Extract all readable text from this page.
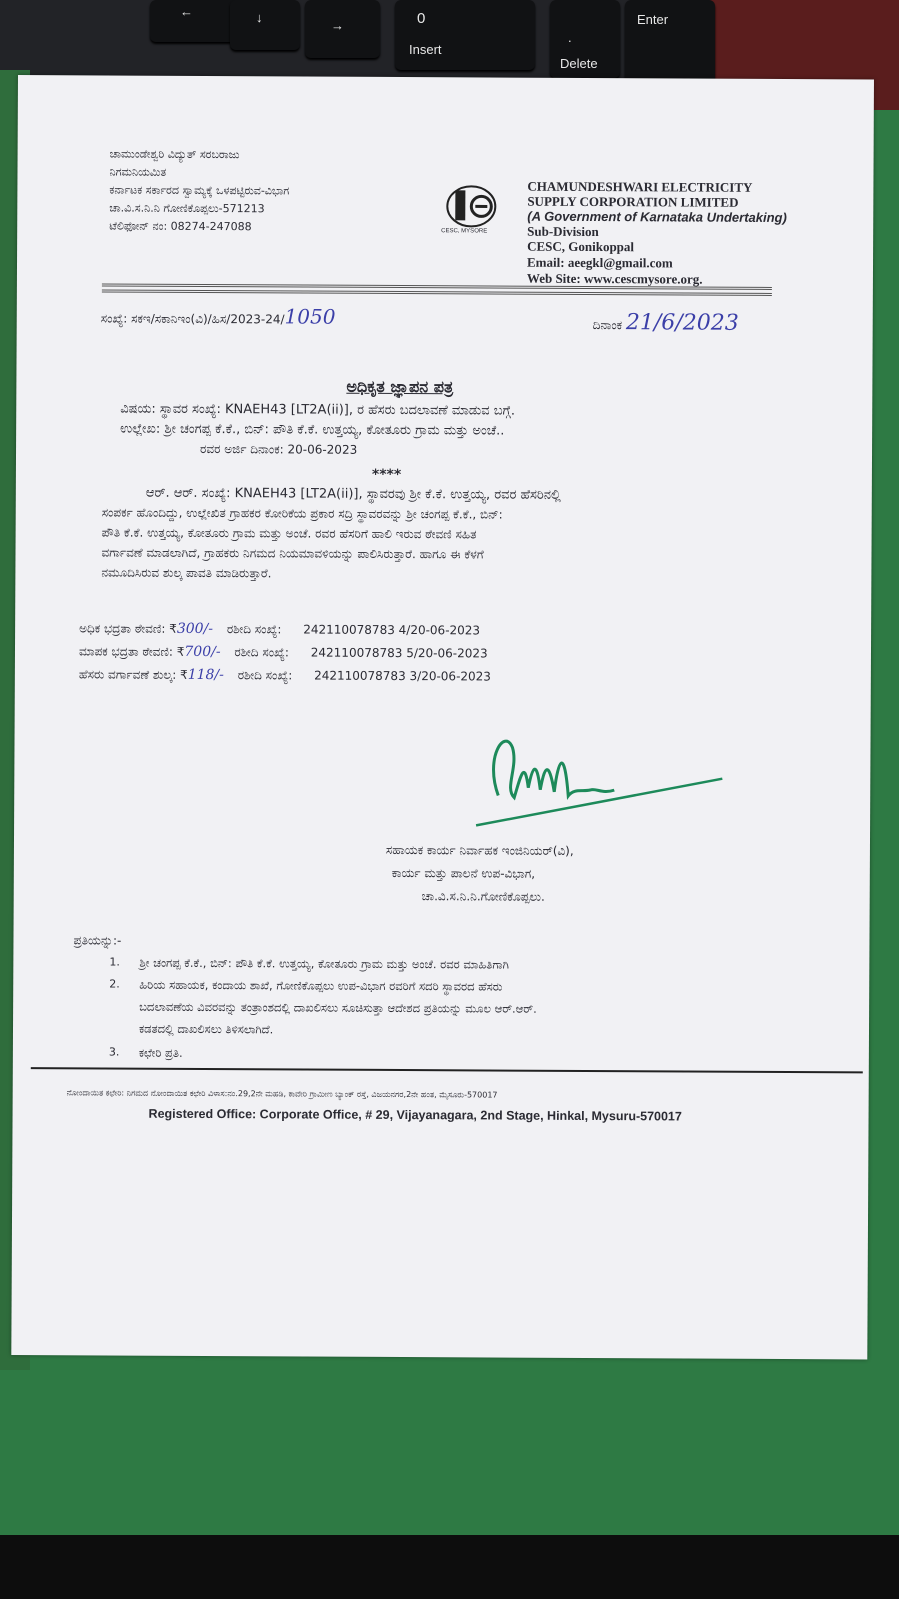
←	↓
→	0
Insert
.
Delete
Enter
ಚಾಮುಂಡೇಶ್ವರಿ ವಿದ್ಯುತ್ ಸರಬರಾಜು
ನಿಗಮನಿಯಮಿತ
ಕರ್ನಾಟಕ ಸರ್ಕಾರದ ಸ್ವಾಮ್ಯಕ್ಕೆ ಒಳಪಟ್ಟಿರುವ-ವಿಭಾಗ
ಚಾ.ವಿ.ಸ.ನಿ.ನಿ ಗೋಣಿಕೊಪ್ಪಲು-571213
ಟೆಲಿಫೋನ್ ನಂ: 08274-247088	CESC, MYSORE
CHAMUNDESHWARI ELECTRICITY
SUPPLY CORPORATION LIMITED
(A Government of Karnataka Undertaking)
Sub-Division
CESC, Gonikoppal
Email: aeegkl@gmail.com
Web Site: www.cescmysore.org.
ಸಂಖ್ಯೆ: ಸಕಇ/ಸಕಾನಿಇಂ(ವಿ)/ಹಿಸ/2023-24/1050	ದಿನಾಂಕ 21/6/2023
ಅಧಿಕೃತ ಜ್ಞಾಪನ ಪತ್ರ
ವಿಷಯ: ಸ್ಥಾವರ ಸಂಖ್ಯೆ: KNAEH43 [LT2A(ii)], ರ ಹೆಸರು ಬದಲಾವಣೆ ಮಾಡುವ ಬಗ್ಗೆ.
ಉಲ್ಲೇಖ: ಶ್ರೀ ಚಂಗಪ್ಪ ಕೆ.ಕೆ., ಬಿನ್: ಪೌತಿ ಕೆ.ಕೆ. ಉತ್ತಯ್ಯ, ಕೋತೂರು ಗ್ರಾಮ ಮತ್ತು ಅಂಚೆ..
ರವರ ಅರ್ಜಿ ದಿನಾಂಕ: 20-06-2023
****
ಆರ್. ಆರ್. ಸಂಖ್ಯೆ: KNAEH43 [LT2A(ii)], ಸ್ಥಾವರವು ಶ್ರೀ ಕೆ.ಕೆ. ಉತ್ತಯ್ಯ, ರವರ ಹೆಸರಿನಲ್ಲಿ
ಸಂಪರ್ಕ ಹೊಂದಿದ್ದು, ಉಲ್ಲೇಖಿತ ಗ್ರಾಹಕರ ಕೋರಿಕೆಯ ಪ್ರಕಾರ ಸದ್ರಿ ಸ್ಥಾವರವನ್ನು ಶ್ರೀ ಚಂಗಪ್ಪ ಕೆ.ಕೆ., ಬಿನ್:
ಪೌತಿ ಕೆ.ಕೆ. ಉತ್ತಯ್ಯ, ಕೋತೂರು ಗ್ರಾಮ ಮತ್ತು ಅಂಚೆ. ರವರ ಹೆಸರಿಗೆ ಹಾಲಿ ಇರುವ ಠೇವಣಿ ಸಹಿತ
ವರ್ಗಾವಣೆ ಮಾಡಲಾಗಿದೆ, ಗ್ರಾಹಕರು ನಿಗಮದ ನಿಯಮಾವಳಿಯನ್ನು ಪಾಲಿಸಿರುತ್ತಾರೆ. ಹಾಗೂ ಈ ಕೆಳಗೆ
ನಮೂದಿಸಿರುವ ಶುಲ್ಕ ಪಾವತಿ ಮಾಡಿರುತ್ತಾರೆ.
ಅಧಿಕ ಭದ್ರತಾ ಠೇವಣಿ: ₹300/- ರಶೀದಿ ಸಂಖ್ಯೆ: 242110078783 4/20-06-2023
ಮಾಪಕ ಭದ್ರತಾ ಠೇವಣಿ: ₹700/- ರಶೀದಿ ಸಂಖ್ಯೆ: 242110078783 5/20-06-2023
ಹೆಸರು ವರ್ಗಾವಣೆ ಶುಲ್ಕ: ₹118/- ರಶೀದಿ ಸಂಖ್ಯೆ: 242110078783 3/20-06-2023
ಸಹಾಯಕ ಕಾರ್ಯ ನಿರ್ವಾಹಕ ಇಂಜಿನಿಯರ್(ವಿ),
ಕಾರ್ಯ ಮತ್ತು ಪಾಲನೆ ಉಪ-ವಿಭಾಗ,
ಚಾ.ವಿ.ಸ.ನಿ.ನಿ.ಗೋಣಿಕೊಪ್ಪಲು.
ಪ್ರತಿಯನ್ನು:-
1. ಶ್ರೀ ಚಂಗಪ್ಪ ಕೆ.ಕೆ., ಬಿನ್: ಪೌತಿ ಕೆ.ಕೆ. ಉತ್ತಯ್ಯ, ಕೋತೂರು ಗ್ರಾಮ ಮತ್ತು ಅಂಚೆ. ರವರ ಮಾಹಿತಿಗಾಗಿ
2. ಹಿರಿಯ ಸಹಾಯಕ, ಕಂದಾಯ ಶಾಖೆ, ಗೋಣಿಕೊಪ್ಪಲು ಉಪ-ವಿಭಾಗ ರವರಿಗೆ ಸದರಿ ಸ್ಥಾವರದ ಹೆಸರು
ಬದಲಾವಣೆಯ ವಿವರವನ್ನು ತಂತ್ರಾಂಶದಲ್ಲಿ ದಾಖಲಿಸಲು ಸೂಚಿಸುತ್ತಾ ಆದೇಶದ ಪ್ರತಿಯನ್ನು ಮೂಲ ಆರ್.ಆರ್.
ಕಡತದಲ್ಲಿ ದಾಖಲಿಸಲು ತಿಳಿಸಲಾಗಿದೆ.
3. ಕಛೇರಿ ಪ್ರತಿ.
ನೋಂದಾಯಿತ ಕಛೇರಿ: ನಿಗಮದ ನೋಂದಾಯಿತ ಕಛೇರಿ ವಿಳಾಸ:ನಂ.29,2ನೇ ಮಹಡಿ, ಕಾವೇರಿ ಗ್ರಾಮೀಣ ಬ್ಯಾಂಕ್ ರಸ್ತೆ, ವಿಜಯನಗರ,2ನೇ ಹಂತ, ಮೈಸೂರು-570017
Registered Office: Corporate Office, # 29, Vijayanagara, 2nd Stage, Hinkal, Mysuru-570017
